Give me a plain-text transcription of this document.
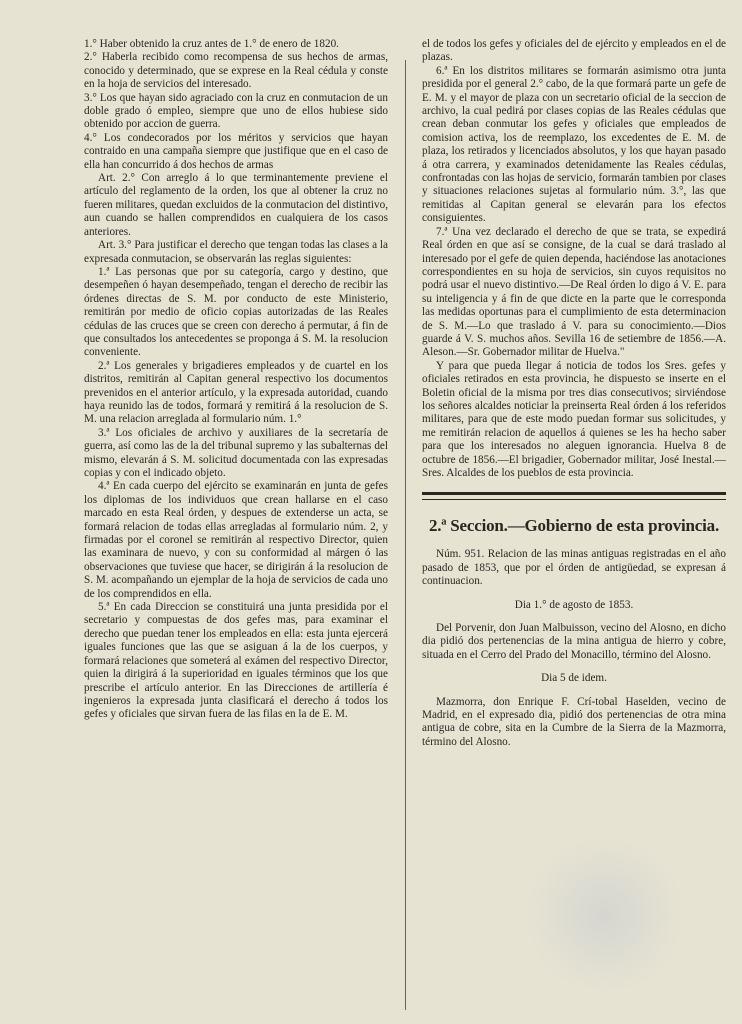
1.° Haber obtenido la cruz antes de 1.° de enero de 1820.

2.° Haberla recibido como recompensa de sus hechos de armas, conocido y determinado, que se exprese en la Real cédula y conste en la hoja de servicios del interesado.

3.° Los que hayan sido agraciado con la cruz en conmutacion de un doble grado ó empleo, siempre que uno de ellos hubiese sido obtenido por accion de guerra.

4.° Los condecorados por los méritos y servicios que hayan contraido en una campaña siempre que justifique que en el caso de ella han concurrido á dos hechos de armas

Art. 2.° Con arreglo á lo que terminantemente previene el artículo del reglamento de la orden, los que al obtener la cruz no fueren militares, quedan excluidos de la conmutacion del distintivo, aun cuando se hallen comprendidos en cualquiera de los casos anteriores.

Art. 3.° Para justificar el derecho que tengan todas las clases a la expresada conmutacion, se observarán las reglas siguientes:

1.ª Las personas que por su categoría, cargo y destino, que desempeñen ó hayan desempeñado, tengan el derecho de recibir las órdenes directas de S. M. por conducto de este Ministerio, remitirán por medio de oficio copias autorizadas de las Reales cédulas de las cruces que se creen con derecho á permutar, á fin de que consultados los antecedentes se proponga á S. M. la resolucion conveniente.

2.ª Los generales y brigadieres empleados y de cuartel en los distritos, remitirán al Capitan general respectivo los documentos prevenidos en el anterior artículo, y la expresada autoridad, cuando haya reunido las de todos, formará y remitirá á la resolucion de S. M. una relacion arreglada al formulario núm. 1.°

3.ª Los oficiales de archivo y auxiliares de la secretaría de guerra, así como las de la del tribunal supremo y las subalternas del mismo, elevarán á S. M. solicitud documentada con las expresadas copias y con el indicado objeto.

4.ª En cada cuerpo del ejército se examinarán en junta de gefes los diplomas de los individuos que crean hallarse en el caso marcado en esta Real órden, y despues de extenderse un acta, se formará relacion de todas ellas arregladas al formulario núm. 2, y firmadas por el coronel se remitirán al respectivo Director, quien las examinara de nuevo, y con su conformidad al márgen ó las observaciones que tuviese que hacer, se dirigirán á la resolucion de S. M. acompañando un ejemplar de la hoja de servicios de cada uno de los comprendidos en ella.

5.ª En cada Direccion se constituirá una junta presidida por el secretario y compuestas de dos gefes mas, para examinar el derecho que puedan tener los empleados en ella: esta junta ejercerá iguales funciones que las que se asiguan á la de los cuerpos, y formará relaciones que someterá al exámen del respectivo Director, quien la dirigirá á la superioridad en iguales términos que los que prescribe el artículo anterior. En las Direcciones de artillería é ingenieros la expresada junta clasificará el derecho á todos los gefes y oficiales que sirvan fuera de las filas en la de E. M.

el de todos los gefes y oficiales del de ejército y empleados en el de plazas.

6.ª En los distritos militares se formarán asimismo otra junta presidida por el general 2.° cabo, de la que formará parte un gefe de E. M. y el mayor de plaza con un secretario oficial de la seccion de archivo, la cual pedirá por clases copias de las Reales cédulas que crean deban conmutar los gefes y oficiales que empleados de comision activa, los de reemplazo, los excedentes de E. M. de plaza, los retirados y licenciados absolutos, y los que hayan pasado á otra carrera, y examinados detenidamente las Reales cédulas, confrontadas con las hojas de servicio, formarán tambien por clases y situaciones relaciones sujetas al formulario núm. 3.°, las que remitidas al Capitan general se elevarán para los efectos consiguientes.

7.ª Una vez declarado el derecho de que se trata, se expedirá Real órden en que así se consigne, de la cual se dará traslado al interesado por el gefe de quien dependa, haciéndose las anotaciones correspondientes en su hoja de servicios, sin cuyos requisitos no podrá usar el nuevo distintivo.—De Real órden lo digo á V. E. para su inteligencia y á fin de que dicte en la parte que le corresponda las medidas oportunas para el cumplimiento de esta determinacion de S. M.—Lo que traslado á V. para su conocimiento.—Dios guarde á V. S. muchos años. Sevilla 16 de setiembre de 1856.—A. Aleson.—Sr. Gobernador militar de Huelva."

Y para que pueda llegar á noticia de todos los Sres. gefes y oficiales retirados en esta provincia, he dispuesto se inserte en el Boletin oficial de la misma por tres dias consecutivos; sirviéndose los señores alcaldes noticiar la preinserta Real órden á los referidos militares, para que de este modo puedan formar sus solicitudes, y me remitirán relacion de aquellos á quienes se les ha hecho saber para que los interesados no aleguen ignorancia. Huelva 8 de octubre de 1856.—El brigadier, Gobernador militar, José Inestal.—Sres. Alcaldes de los pueblos de esta provincia.

2.ª Seccion.—Gobierno de esta provincia.

Núm. 951. Relacion de las minas antiguas registradas en el año pasado de 1853, que por el órden de antigüedad, se expresan á continuacion.

Dia 1.° de agosto de 1853.

Del Porvenir, don Juan Malbuisson, vecino del Alosno, en dicho dia pidió dos pertenencias de la mina antigua de hierro y cobre, situada en el Cerro del Prado del Monacillo, término del Alosno.

Dia 5 de idem.

Mazmorra, don Enrique F. Crí-tobal Haselden, vecino de Madrid, en el expresado dia, pidió dos pertenencias de otra mina antigua de cobre, sita en la Cumbre de la Sierra de la Mazmorra, término del Alosno.
